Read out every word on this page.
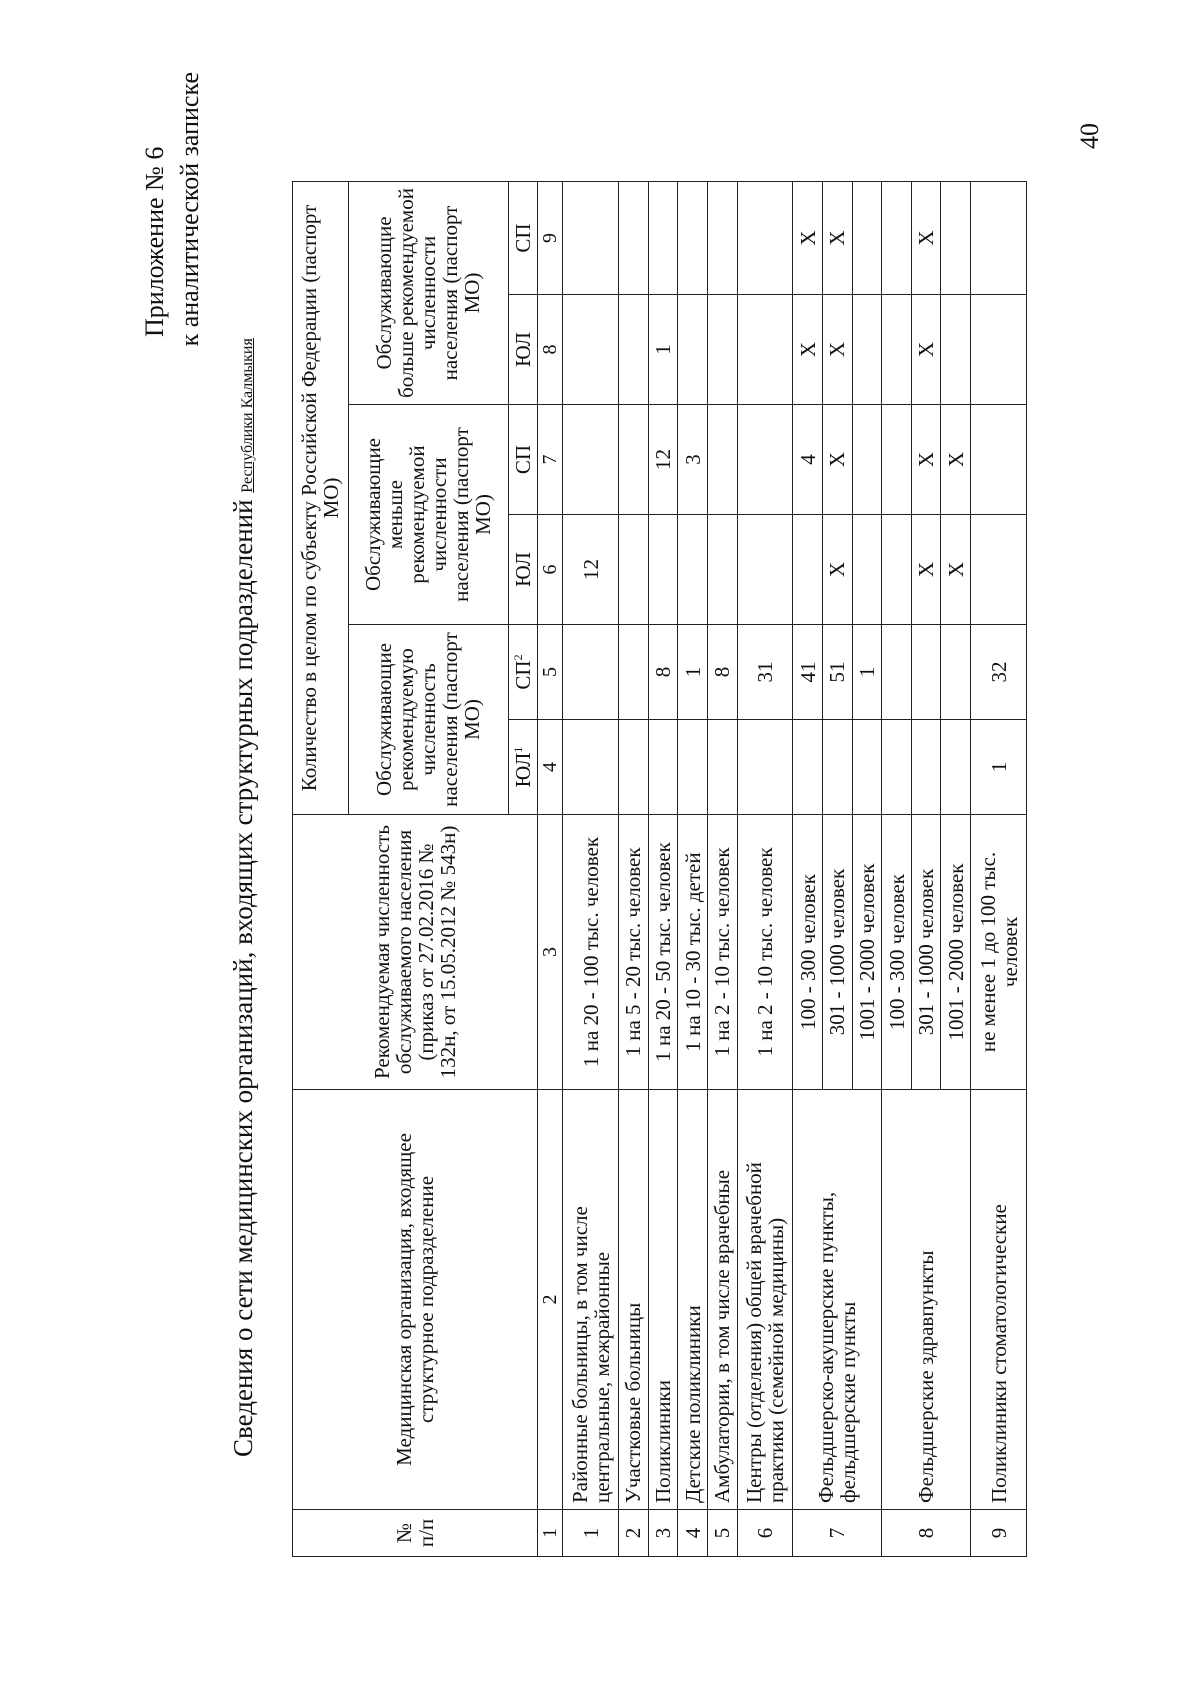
Приложение № 6 к аналитической записке
Сведения о сети медицинских организаций, входящих структурных подразделений Республики Калмыкия
№ п/п	Медицинская организация, входящее структурное подразделение	Рекомендуемая численность обслуживаемого населения (приказ от 27.02.2016 № 132н, от 15.05.2012 № 543н)	Количество в целом по субъекту Российской Федерации (паспорт МО)					
			Обслуживающие рекомендуемую численность населения (паспорт МО)		Обслуживающие меньше рекомендуемой численности населения (паспорт МО)		Обслуживающие больше рекомендуемой численности населения (паспорт МО)	
			$ЮЛ^1$	$СП^2$	ЮЛ	СП	ЮЛ	СП
1	2	3	4	5	6	7	8	9
1	Районные больницы, в том числе центральные, межрайонные	1 на 20 - 100 тыс. человек			12			
2	Участковые больницы	1 на 5 - 20 тыс. человек						
3	Поликлиники	1 на 20 - 50 тыс. человек		8		12	1	
4	Детские поликлиники	1 на 10 - 30 тыс. детей		1		3		
5	Амбулатории, в том числе врачебные	1 на 2 - 10 тыс. человек		8				
6	Центры (отделения) общей врачебной практики (семейной медицины)	1 на 2 - 10 тыс. человек		31				
7	Фельдшерско-акушерские пункты, фельдшерские пункты	100 - 300 человек		41		4	X	X
		301 - 1000 человек		51	X	X	X	X
		1001 - 2000 человек		1				
8	Фельдшерские здравпункты	100 - 300 человек						
		301 - 1000 человек			X	X	X	X
		1001 - 2000 человек			X	X		
9	Поликлиники стоматологические	не менее 1 до 100 тыс. человек	1	32				
40
